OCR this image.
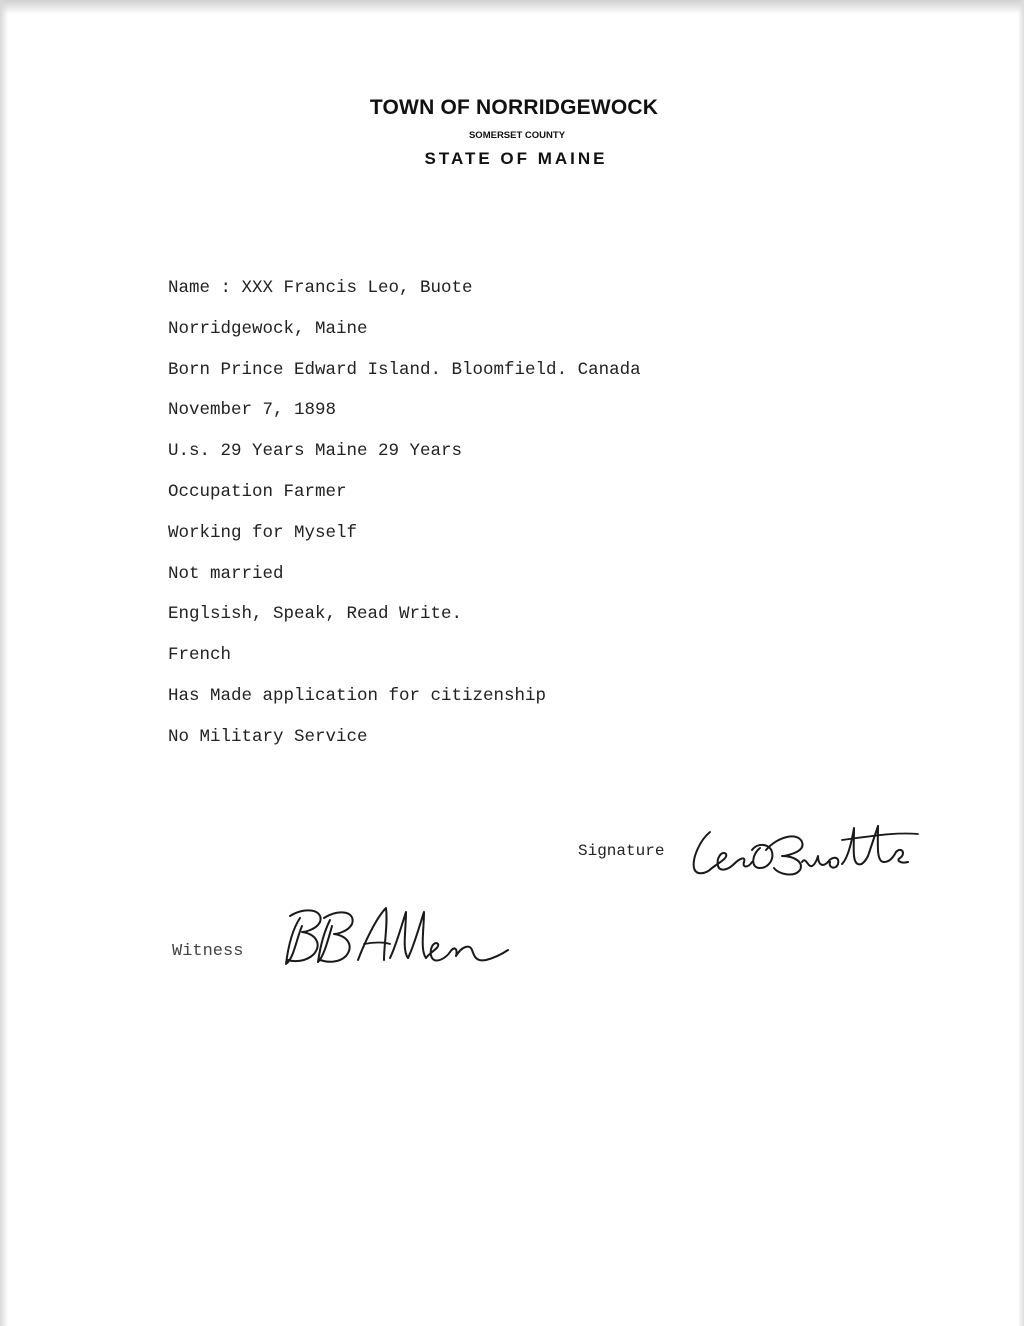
TOWN OF NORRIDGEWOCK
SOMERSET COUNTY
STATE OF MAINE
Name : XXX Francis Leo, Buote
Norridgewock, Maine
Born Prince Edward Island. Bloomfield. Canada
November 7, 1898
U.s. 29 Years Maine 29 Years
Occupation Farmer
Working for Myself
Not married
Englsish, Speak, Read Write.
French
Has Made application for citizenship
No Military Service
Signature
Witness
